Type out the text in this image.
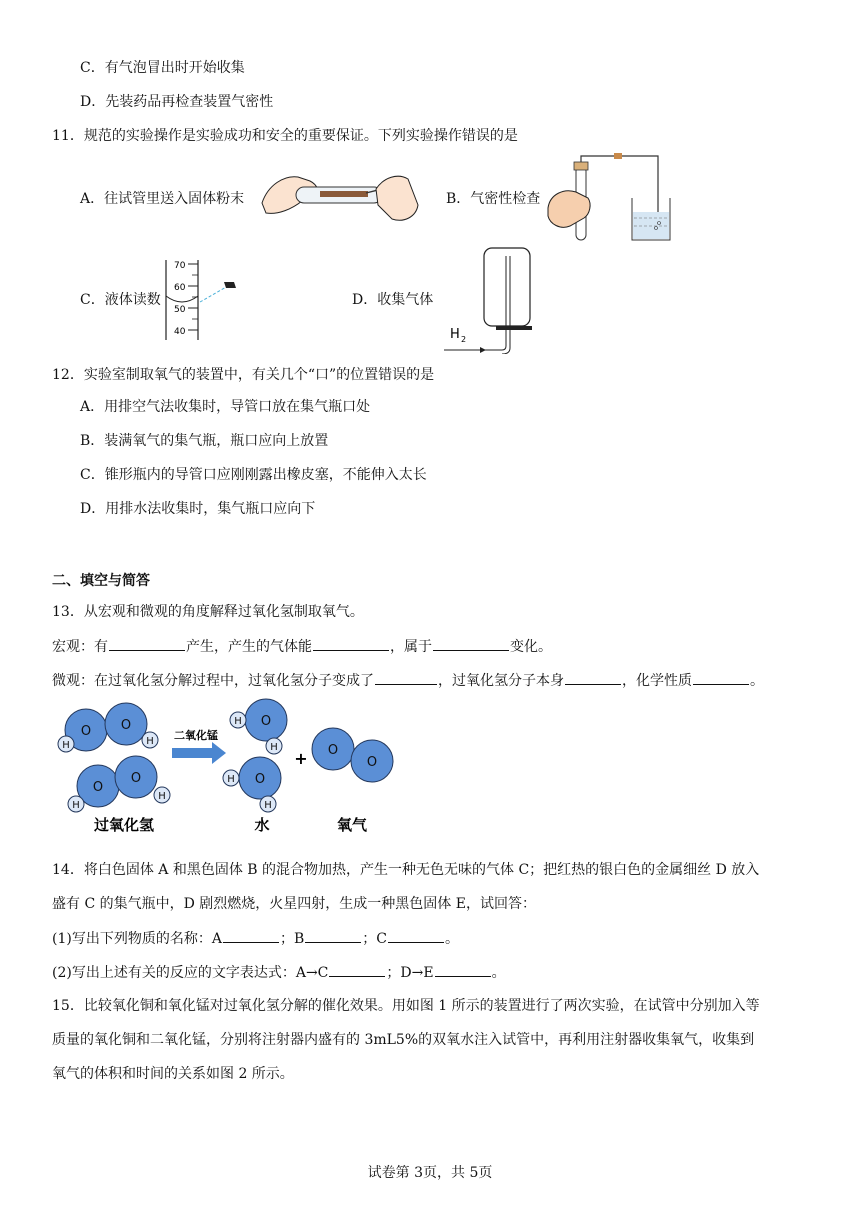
C．有气泡冒出时开始收集
D．先装药品再检查装置气密性
11．规范的实验操作是实验成功和安全的重要保证。下列实验操作错误的是
A．往试管里送入固体粉末	B．气密性检查
C．液体读数
70
60
50
40
D．收集气体
H 2
12．实验室制取氧气的装置中，有关几个“口”的位置错误的是
A．用排空气法收集时，导管口放在集气瓶口处
B．装满氧气的集气瓶，瓶口应向上放置
C．锥形瓶内的导管口应刚刚露出橡皮塞，不能伸入太长
D．用排水法收集时，集气瓶口应向下
二、填空与简答
13．从宏观和微观的角度解释过氧化氢制取氧气。
宏观：有	产生，产生的气体能	，属于	变化。
微观：在过氧化氢分解过程中，过氧化氢分子变成了	，过氧化氢分子本身	，化学性质	。
O O
O
O
O
O
O
O
H	H
H
H
H
H
H
H
二氧化锰
+
过氧化氢	水	氧气
14．将白色固体 A 和黑色固体 B 的混合物加热，产生一种无色无味的气体 C；把红热的银白色的金属细丝 D 放入
盛有 C 的集气瓶中，D 剧烈燃烧，火星四射，生成一种黑色固体 E，试回答：
(1)写出下列物质的名称：A	；B	；C	。
(2)写出上述有关的反应的文字表达式：A→C	；D→E	。
15．比较氧化铜和氧化锰对过氧化氢分解的催化效果。用如图 1 所示的装置进行了两次实验，在试管中分别加入等
质量的氧化铜和二氧化锰，分别将注射器内盛有的 3mL5%的双氧水注入试管中，再利用注射器收集氧气，收集到
氧气的体积和时间的关系如图 2 所示。
试卷第 3页，共 5页
